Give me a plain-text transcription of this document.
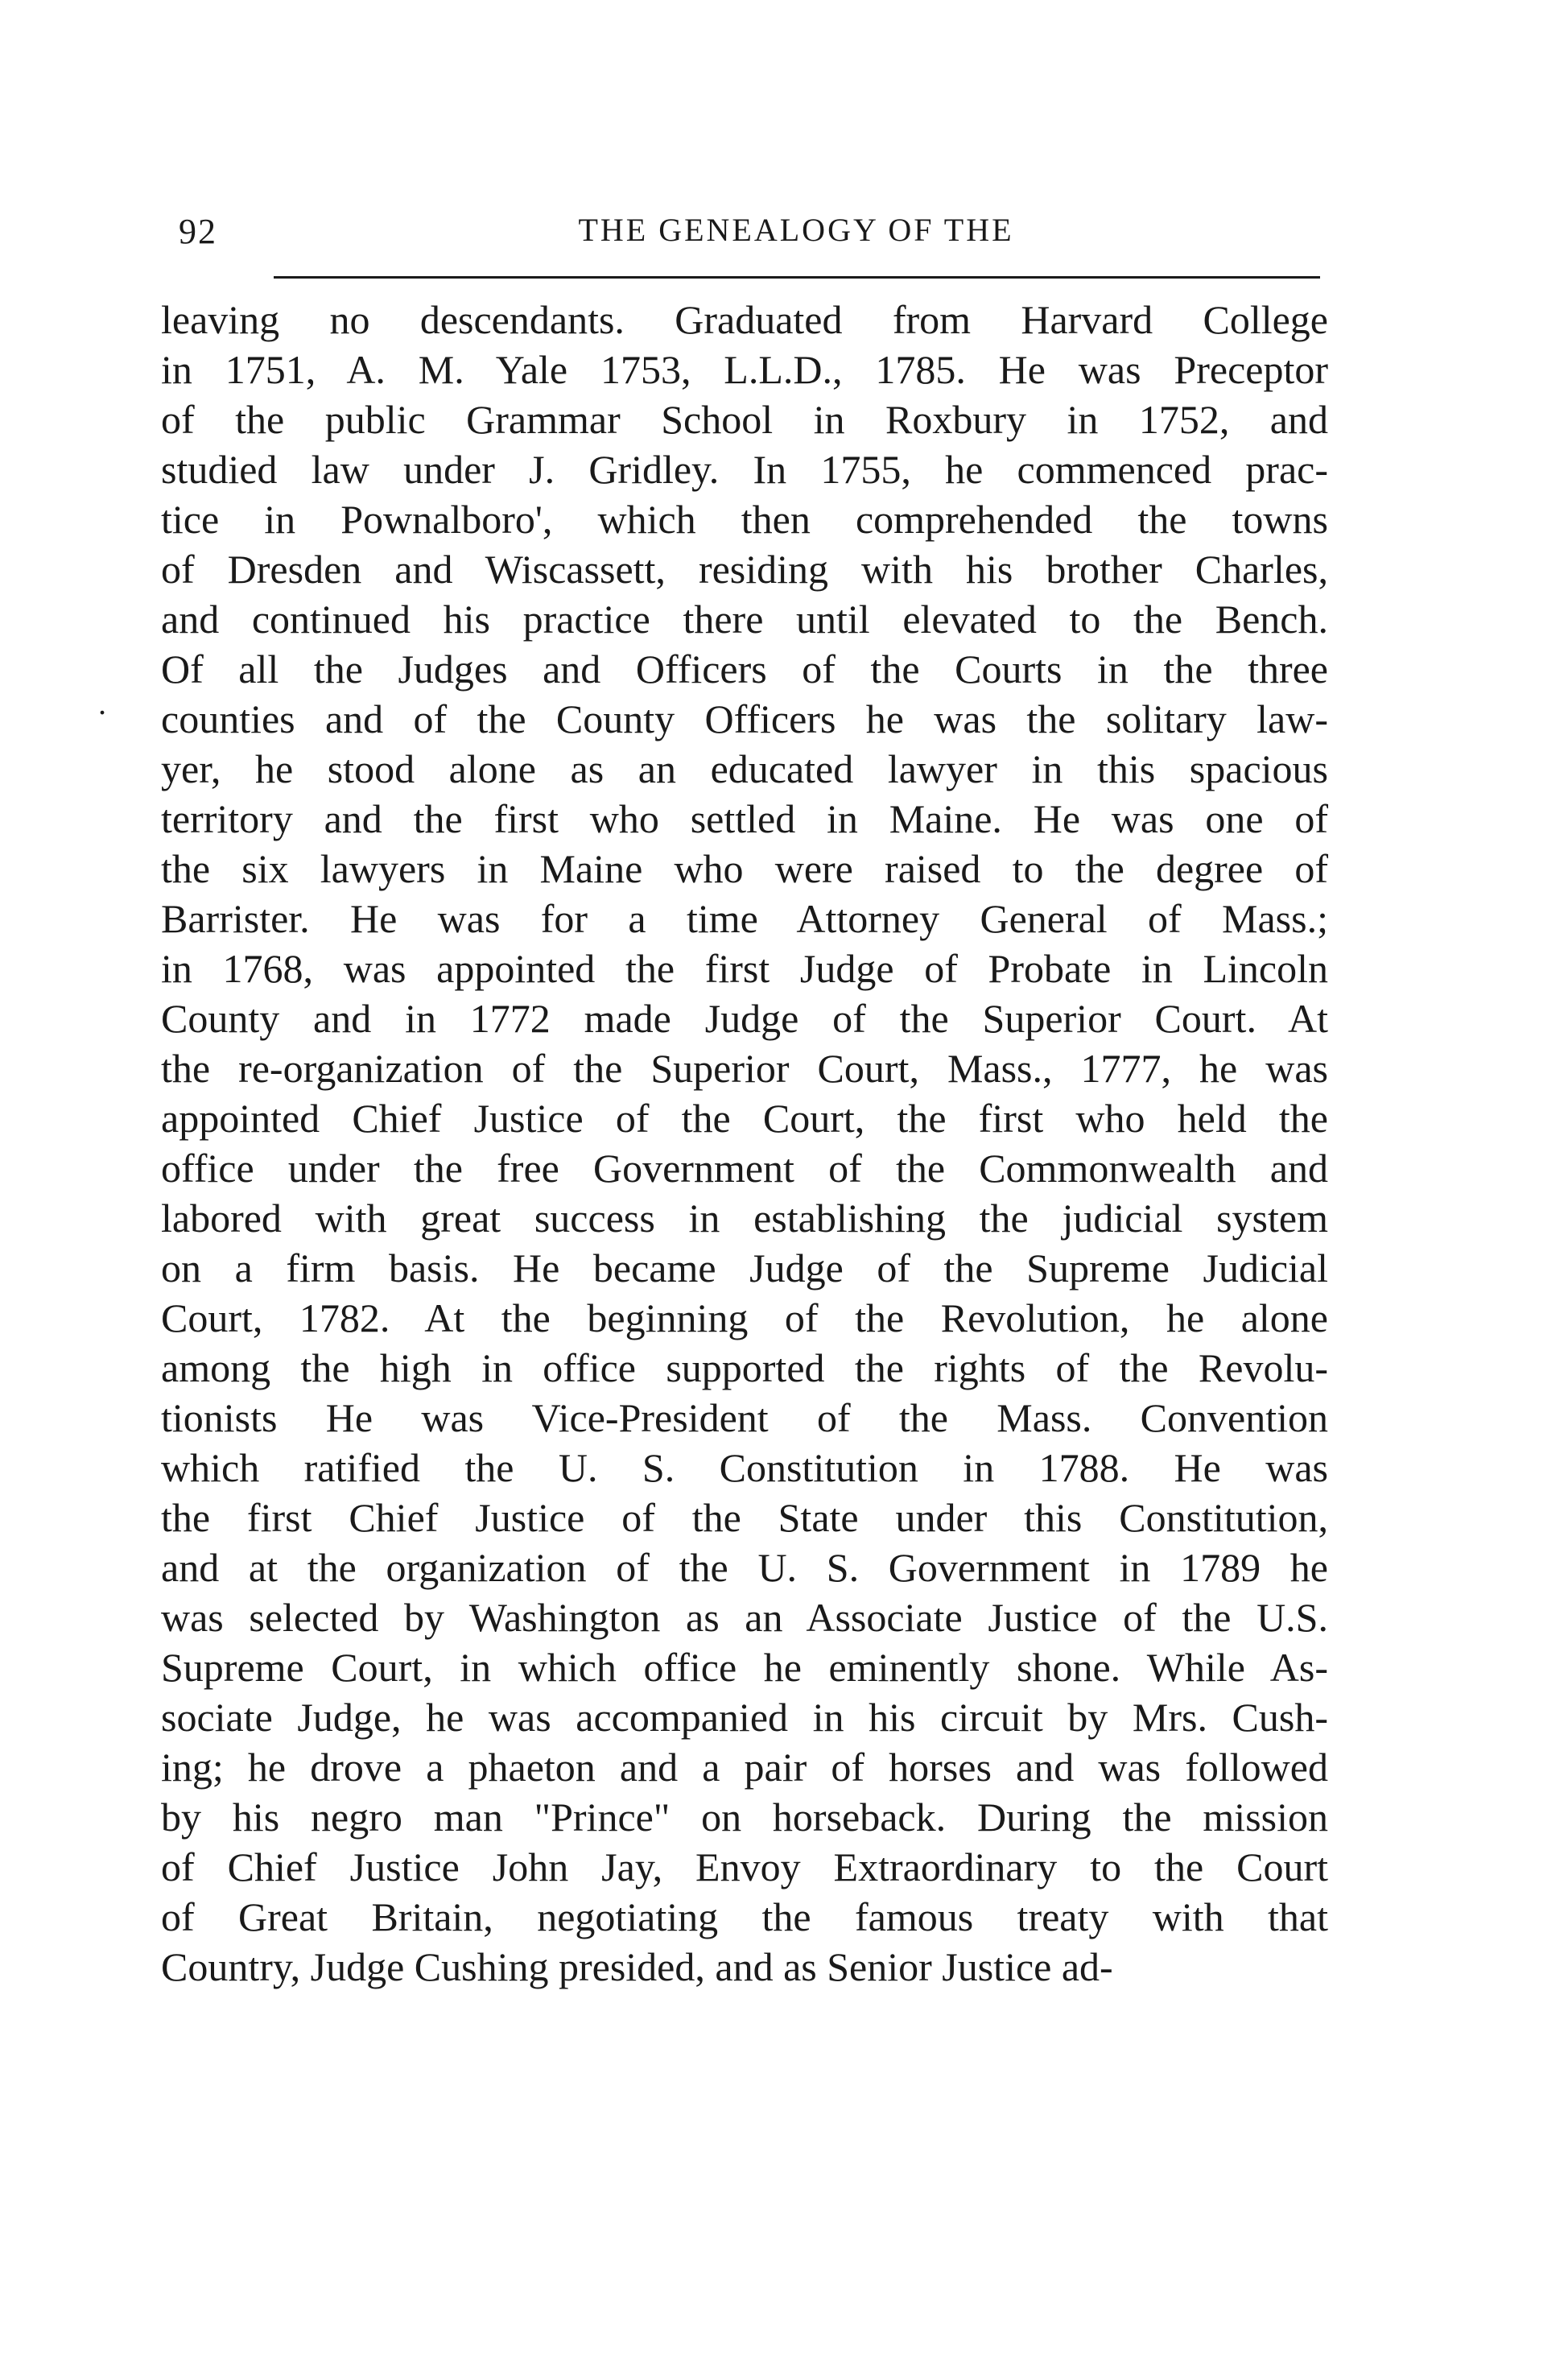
92	THE GENEALOGY OF THE
.
leaving no descendants. Graduated from Harvard College
in 1751, A. M. Yale 1753, L.L.D., 1785. He was Preceptor
of the public Grammar School in Roxbury in 1752, and
studied law under J. Gridley. In 1755, he commenced prac-
tice in Pownalboro', which then comprehended the towns
of Dresden and Wiscassett, residing with his brother Charles,
and continued his practice there until elevated to the Bench.
Of all the Judges and Officers of the Courts in the three
counties and of the County Officers he was the solitary law-
yer, he stood alone as an educated lawyer in this spacious
territory and the first who settled in Maine. He was one of
the six lawyers in Maine who were raised to the degree of
Barrister. He was for a time Attorney General of Mass.;
in 1768, was appointed the first Judge of Probate in Lincoln
County and in 1772 made Judge of the Superior Court. At
the re-organization of the Superior Court, Mass., 1777, he was
appointed Chief Justice of the Court, the first who held the
office under the free Government of the Commonwealth and
labored with great success in establishing the judicial system
on a firm basis. He became Judge of the Supreme Judicial
Court, 1782. At the beginning of the Revolution, he alone
among the high in office supported the rights of the Revolu-
tionists He was Vice-President of the Mass. Convention
which ratified the U. S. Constitution in 1788. He was
the first Chief Justice of the State under this Constitution,
and at the organization of the U. S. Government in 1789 he
was selected by Washington as an Associate Justice of the U.S.
Supreme Court, in which office he eminently shone. While As-
sociate Judge, he was accompanied in his circuit by Mrs. Cush-
ing; he drove a phaeton and a pair of horses and was followed
by his negro man "Prince" on horseback. During the mission
of Chief Justice John Jay, Envoy Extraordinary to the Court
of Great Britain, negotiating the famous treaty with that
Country, Judge Cushing presided, and as Senior Justice ad-
